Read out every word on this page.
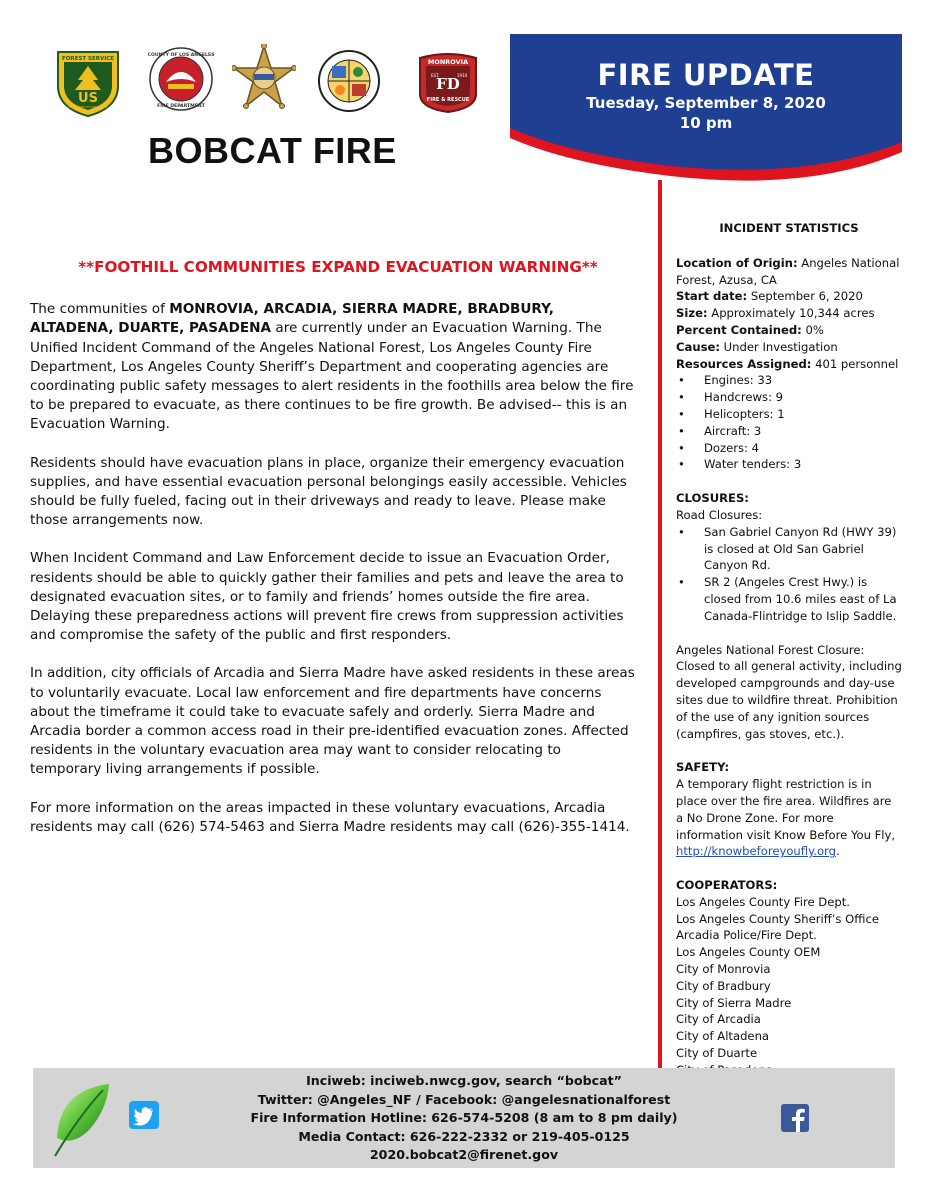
FOREST SERVICE
US
DEPARTMENT OF AGRICULTURE
COUNTY OF LOS ANGELES
FIRE DEPARTMENT
MONROVIA
FD
EST.	1910
FIRE & RESCUE
BOBCAT FIRE
FIRE UPDATE
Tuesday, September 8, 2020
10 pm
**FOOTHILL COMMUNITIES EXPAND EVACUATION WARNING**

The communities of MONROVIA, ARCADIA, SIERRA MADRE, BRADBURY, ALTADENA, DUARTE, PASADENA are currently under an Evacuation Warning. The Unified Incident Command of the Angeles National Forest, Los Angeles County Fire Department, Los Angeles County Sheriff’s Department and cooperating agencies are coordinating public safety messages to alert residents in the foothills area below the fire to be prepared to evacuate, as there continues to be fire growth. Be advised-- this is an Evacuation Warning.

Residents should have evacuation plans in place, organize their emergency evacuation supplies, and have essential evacuation personal belongings easily accessible. Vehicles should be fully fueled, facing out in their driveways and ready to leave. Please make those arrangements now.

When Incident Command and Law Enforcement decide to issue an Evacuation Order, residents should be able to quickly gather their families and pets and leave the area to designated evacuation sites, or to family and friends’ homes outside the fire area. Delaying these preparedness actions will prevent fire crews from suppression activities and compromise the safety of the public and first responders.

In addition, city officials of Arcadia and Sierra Madre have asked residents in these areas to voluntarily evacuate. Local law enforcement and fire departments have concerns about the timeframe it could take to evacuate safely and orderly. Sierra Madre and Arcadia border a common access road in their pre-identified evacuation zones. Affected residents in the voluntary evacuation area may want to consider relocating to temporary living arrangements if possible.

For more information on the areas impacted in these voluntary evacuations, Arcadia residents may call (626) 574-5463 and Sierra Madre residents may call (626)-355-1414.

INCIDENT STATISTICS
Location of Origin: Angeles National Forest, Azusa, CA
Start date: September 6, 2020
Size: Approximately 10,344 acres
Percent Contained: 0%
Cause: Under Investigation
Resources Assigned: 401 personnel
• Engines: 33
• Handcrews: 9
• Helicopters: 1
• Aircraft: 3
• Dozers: 4
• Water tenders: 3
CLOSURES:
Road Closures:
• San Gabriel Canyon Rd (HWY 39) is closed at Old San Gabriel Canyon Rd.
• SR 2 (Angeles Crest Hwy.) is closed from 10.6 miles east of La Canada-Flintridge to Islip Saddle.
Angeles National Forest Closure: Closed to all general activity, including developed campgrounds and day-use sites due to wildfire threat. Prohibition of the use of any ignition sources (campfires, gas stoves, etc.).
SAFETY:
A temporary flight restriction is in place over the fire area. Wildfires are a No Drone Zone. For more information visit Know Before You Fly, http://knowbeforeyoufly.org.
COOPERATORS:
Los Angeles County Fire Dept.
Los Angeles County Sheriff’s Office
Arcadia Police/Fire Dept.
Los Angeles County OEM
City of Monrovia
City of Bradbury
City of Sierra Madre
City of Arcadia
City of Altadena
City of Duarte
Inciweb: inciweb.nwcg.gov, search “bobcat”
Twitter: @Angeles_NF / Facebook: @angelesnationalforest
Fire Information Hotline: 626-574-5208 (8 am to 8 pm daily)
Media Contact: 626-222-2332 or 219-405-0125
2020.bobcat2@firenet.gov
